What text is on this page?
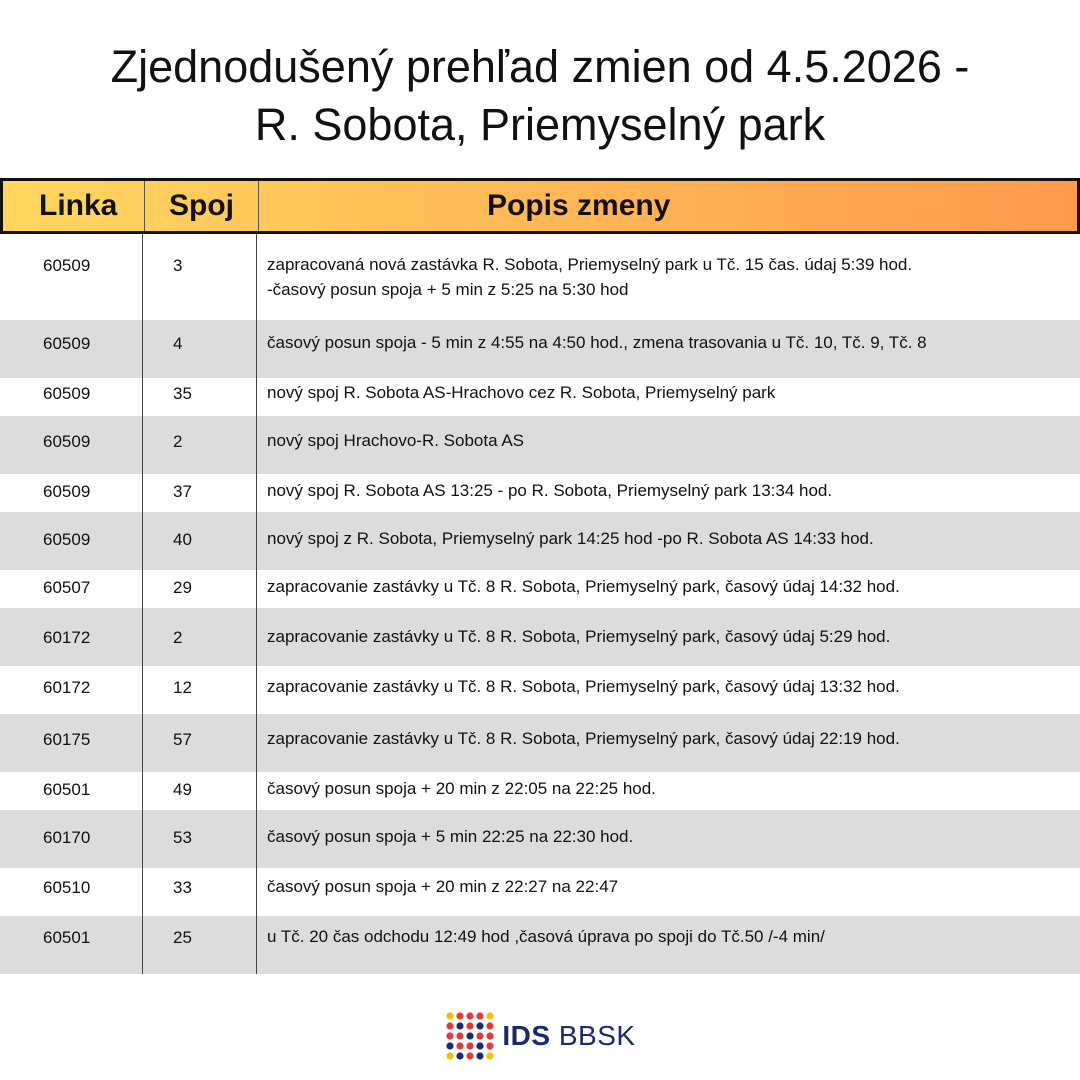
Zjednodušený prehľad zmien od 4.5.2026 -
R. Sobota, Priemyselný park
Linka	Spoj	Popis zmeny
60509	3	zapracovaná nová zastávka R. Sobota, Priemyselný park u Tč. 15 čas. údaj 5:39 hod.
-časový posun spoja + 5 min z 5:25 na 5:30 hod
60509	4	časový posun spoja - 5 min z 4:55 na 4:50 hod., zmena trasovania u Tč. 10, Tč. 9, Tč. 8
60509	35	nový spoj R. Sobota AS-Hrachovo cez R. Sobota, Priemyselný park
60509	2	nový spoj Hrachovo-R. Sobota AS
60509	37	nový spoj R. Sobota AS 13:25 - po R. Sobota, Priemyselný park 13:34 hod.
60509	40	nový spoj z R. Sobota, Priemyselný park 14:25 hod -po R. Sobota AS 14:33 hod.
60507	29	zapracovanie zastávky u Tč. 8 R. Sobota, Priemyselný park, časový údaj 14:32 hod.
60172	2	zapracovanie zastávky u Tč. 8 R. Sobota, Priemyselný park, časový údaj 5:29 hod.
60172	12	zapracovanie zastávky u Tč. 8 R. Sobota, Priemyselný park, časový údaj 13:32 hod.
60175	57	zapracovanie zastávky u Tč. 8 R. Sobota, Priemyselný park, časový údaj 22:19 hod.
60501	49	časový posun spoja + 20 min z 22:05 na 22:25 hod.
60170	53	časový posun spoja + 5 min 22:25 na 22:30 hod.
60510	33	časový posun spoja + 20 min z 22:27 na 22:47
60501	25	u Tč. 20 čas odchodu 12:49 hod ,časová úprava po spoji do Tč.50 /-4 min/
IDS BBSK
